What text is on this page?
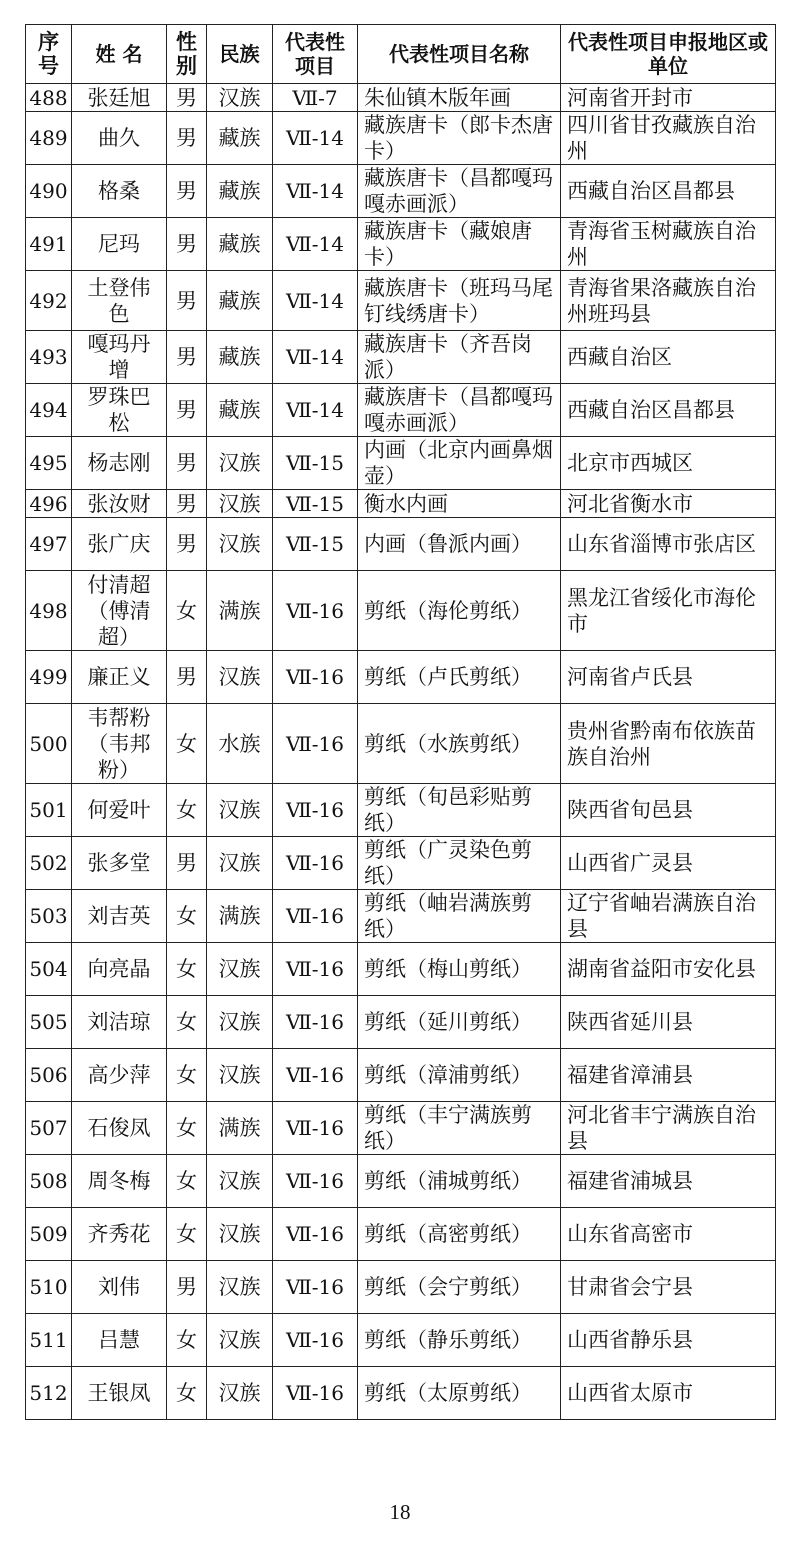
序号	姓 名	性别	民族	代表性项目	代表性项目名称	代表性项目申报地区或单位
488	张廷旭	男	汉族	Ⅶ-7	朱仙镇木版年画	河南省开封市
489	曲久	男	藏族	Ⅶ-14	藏族唐卡（郎卡杰唐卡）	四川省甘孜藏族自治州
490	格桑	男	藏族	Ⅶ-14	藏族唐卡（昌都嘎玛嘎赤画派）	西藏自治区昌都县
491	尼玛	男	藏族	Ⅶ-14	藏族唐卡（藏娘唐卡）	青海省玉树藏族自治州
492	土登伟色	男	藏族	Ⅶ-14	藏族唐卡（班玛马尾钉线绣唐卡）	青海省果洛藏族自治州班玛县
493	嘎玛丹增	男	藏族	Ⅶ-14	藏族唐卡（齐吾岗派）	西藏自治区
494	罗珠巴松	男	藏族	Ⅶ-14	藏族唐卡（昌都嘎玛嘎赤画派）	西藏自治区昌都县
495	杨志刚	男	汉族	Ⅶ-15	内画（北京内画鼻烟壶）	北京市西城区
496	张汝财	男	汉族	Ⅶ-15	衡水内画	河北省衡水市
497	张广庆	男	汉族	Ⅶ-15	内画（鲁派内画）	山东省淄博市张店区
498	付清超（傅清超）	女	满族	Ⅶ-16	剪纸（海伦剪纸）	黑龙江省绥化市海伦市
499	廉正义	男	汉族	Ⅶ-16	剪纸（卢氏剪纸）	河南省卢氏县
500	韦帮粉（韦邦粉）	女	水族	Ⅶ-16	剪纸（水族剪纸）	贵州省黔南布依族苗族自治州
501	何爱叶	女	汉族	Ⅶ-16	剪纸（旬邑彩贴剪纸）	陕西省旬邑县
502	张多堂	男	汉族	Ⅶ-16	剪纸（广灵染色剪纸）	山西省广灵县
503	刘吉英	女	满族	Ⅶ-16	剪纸（岫岩满族剪纸）	辽宁省岫岩满族自治县
504	向亮晶	女	汉族	Ⅶ-16	剪纸（梅山剪纸）	湖南省益阳市安化县
505	刘洁琼	女	汉族	Ⅶ-16	剪纸（延川剪纸）	陕西省延川县
506	高少萍	女	汉族	Ⅶ-16	剪纸（漳浦剪纸）	福建省漳浦县
507	石俊凤	女	满族	Ⅶ-16	剪纸（丰宁满族剪纸）	河北省丰宁满族自治县
508	周冬梅	女	汉族	Ⅶ-16	剪纸（浦城剪纸）	福建省浦城县
509	齐秀花	女	汉族	Ⅶ-16	剪纸（高密剪纸）	山东省高密市
510	刘伟	男	汉族	Ⅶ-16	剪纸（会宁剪纸）	甘肃省会宁县
511	吕慧	女	汉族	Ⅶ-16	剪纸（静乐剪纸）	山西省静乐县
512	王银凤	女	汉族	Ⅶ-16	剪纸（太原剪纸）	山西省太原市
18
